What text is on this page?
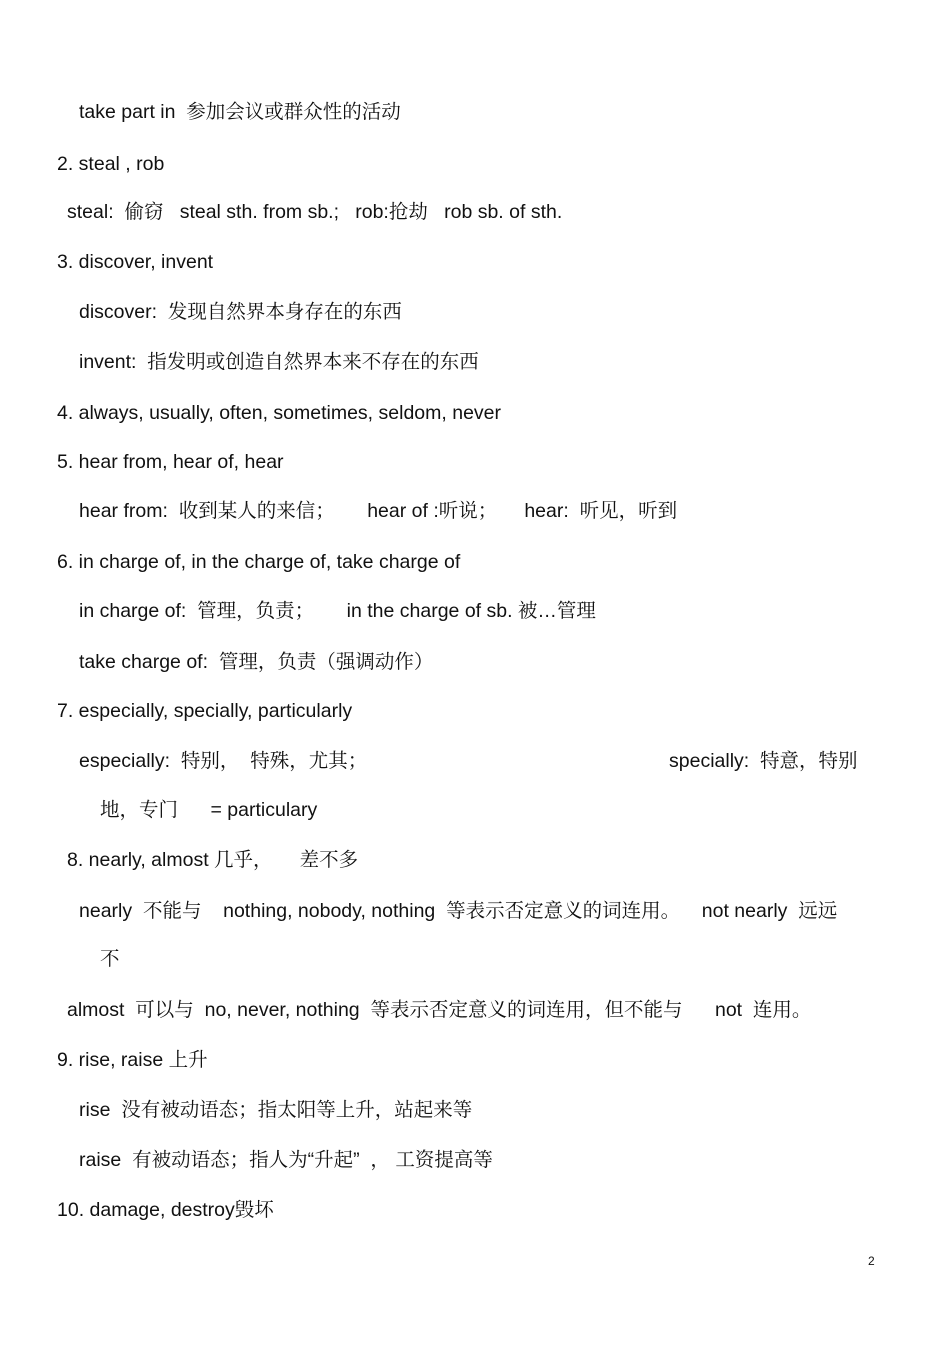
take part in  参加会议或群众性的活动
2. steal , rob
steal:  偷窃   steal sth. from sb.;   rob:抢劫   rob sb. of sth.
3. discover, invent
discover:  发现自然界本身存在的东西
invent:  指发明或创造自然界本来不存在的东西
4. always, usually, often, sometimes, seldom, never
5. hear from, hear of, hear
hear from:  收到某人的来信；      hear of :听说；     hear:  听见，听到
6. in charge of, in the charge of, take charge of
in charge of:  管理，负责；      in the charge of sb. 被…管理
take charge of:  管理，负责（强调动作）
7. especially, specially, particularly
especially:  特别，  特殊，尤其；	specially:  特意，特别
地，专门      = particulary
8. nearly, almost 几乎，     差不多
nearly  不能与    nothing, nobody, nothing  等表示否定意义的词连用。    not nearly  远远
不
almost  可以与  no, never, nothing  等表示否定意义的词连用，但不能与      not  连用。
9. rise, raise 上升
rise  没有被动语态；指太阳等上升，站起来等
raise  有被动语态；指人为“升起”  ， 工资提高等
10. damage, destroy毁坏
2
